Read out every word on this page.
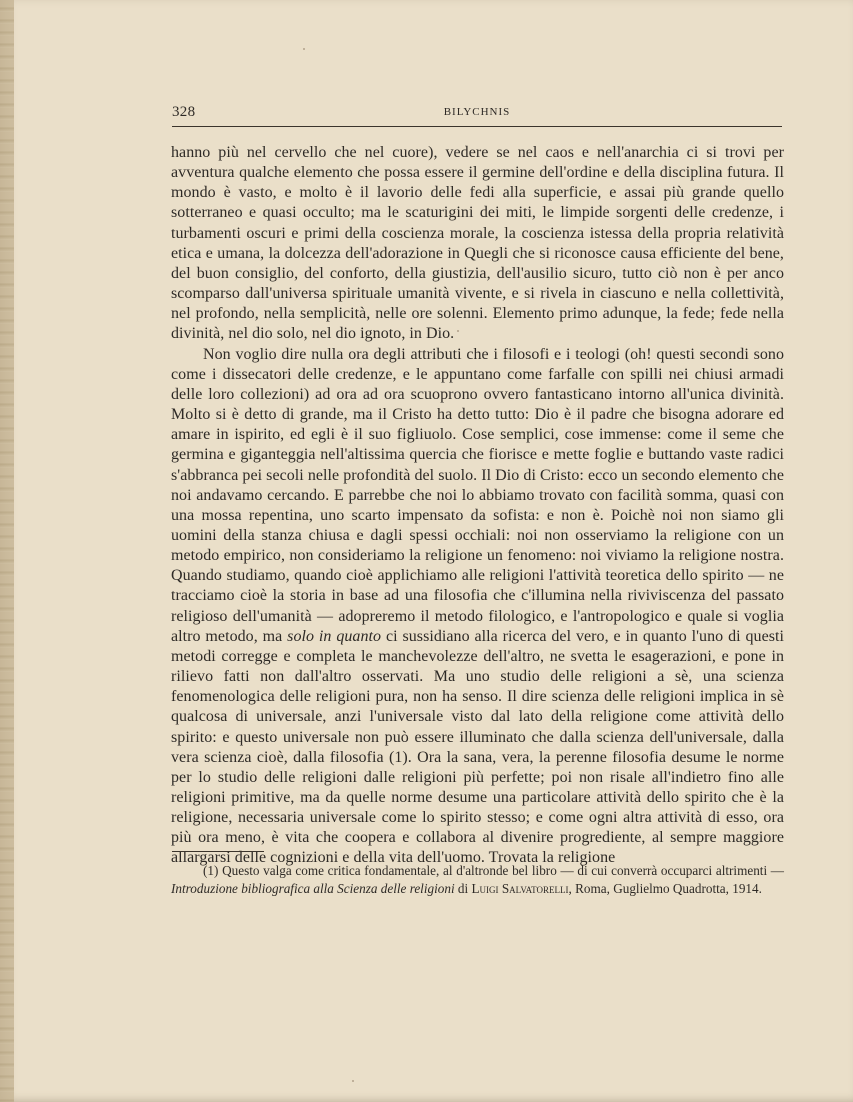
328	BILYCHNIS

hanno più nel cervello che nel cuore), vedere se nel caos e nell'anarchia ci si trovi per avventura qualche elemento che possa essere il germine dell'ordine e della disciplina futura. Il mondo è vasto, e molto è il lavorio delle fedi alla superficie, e assai più grande quello sotterraneo e quasi occulto; ma le scaturigini dei miti, le limpide sorgenti delle credenze, i turbamenti oscuri e primi della coscienza morale, la coscienza istessa della propria relatività etica e umana, la dolcezza dell'adorazione in Quegli che si riconosce causa efficiente del bene, del buon consiglio, del conforto, della giustizia, dell'ausilio sicuro, tutto ciò non è per anco scomparso dall'universa spirituale umanità vivente, e si rivela in ciascuno e nella collettività, nel profondo, nella semplicità, nelle ore solenni. Elemento primo adunque, la fede; fede nella divinità, nel dio solo, nel dio ignoto, in Dio.

Non voglio dire nulla ora degli attributi che i filosofi e i teologi (oh! questi secondi sono come i dissecatori delle credenze, e le appuntano come farfalle con spilli nei chiusi armadi delle loro collezioni) ad ora ad ora scuoprono ovvero fantasticano intorno all'unica divinità. Molto si è detto di grande, ma il Cristo ha detto tutto: Dio è il padre che bisogna adorare ed amare in ispirito, ed egli è il suo figliuolo. Cose semplici, cose immense: come il seme che germina e giganteggia nell'altissima quercia che fiorisce e mette foglie e buttando vaste radici s'abbranca pei secoli nelle profondità del suolo. Il Dio di Cristo: ecco un secondo elemento che noi andavamo cercando. E parrebbe che noi lo abbiamo trovato con facilità somma, quasi con una mossa repentina, uno scarto impensato da sofista: e non è. Poichè noi non siamo gli uomini della stanza chiusa e dagli spessi occhiali: noi non osserviamo la religione con un metodo empirico, non consideriamo la religione un fenomeno: noi viviamo la religione nostra. Quando studiamo, quando cioè applichiamo alle religioni l'attività teoretica dello spirito — ne tracciamo cioè la storia in base ad una filosofia che c'illumina nella riviviscenza del passato religioso dell'umanità — adopreremo il metodo filologico, e l'antropologico e quale si voglia altro metodo, ma solo in quanto ci sussidiano alla ricerca del vero, e in quanto l'uno di questi metodi corregge e completa le manchevolezze dell'altro, ne svetta le esagerazioni, e pone in rilievo fatti non dall'altro osservati. Ma uno studio delle religioni a sè, una scienza fenomenologica delle religioni pura, non ha senso. Il dire scienza delle religioni implica in sè qualcosa di universale, anzi l'universale visto dal lato della religione come attività dello spirito: e questo universale non può essere illuminato che dalla scienza dell'universale, dalla vera scienza cioè, dalla filosofia (1). Ora la sana, vera, la perenne filosofia desume le norme per lo studio delle religioni dalle religioni più perfette; poi non risale all'indietro fino alle religioni primitive, ma da quelle norme desume una particolare attività dello spirito che è la religione, necessaria universale come lo spirito stesso; e come ogni altra attività di esso, ora più ora meno, è vita che coopera e collabora al divenire progrediente, al sempre maggiore allargarsi delle cognizioni e della vita dell'uomo. Trovata la religione

(1) Questo valga come critica fondamentale, al d'altronde bel libro — di cui converrà occuparci altrimenti — Introduzione bibliografica alla Scienza delle religioni di Luigi Salvatorelli, Roma, Guglielmo Quadrotta, 1914.
